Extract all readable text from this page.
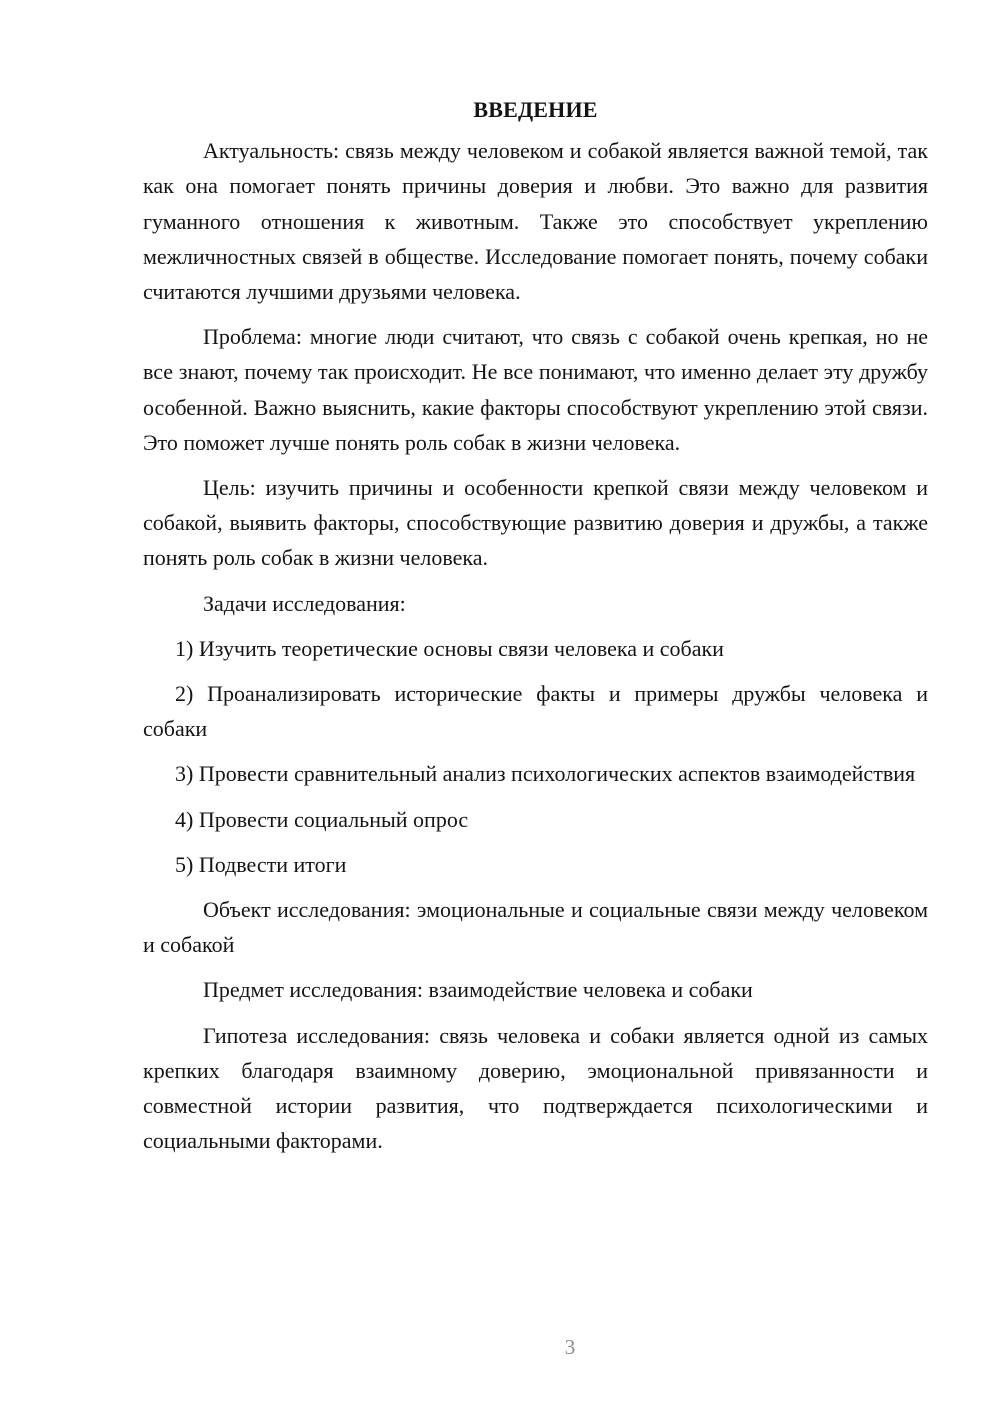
ВВЕДЕНИЕ

Актуальность: связь между человеком и собакой является важной темой, так как она помогает понять причины доверия и любви. Это важно для развития гуманного отношения к животным. Также это способствует укреплению межличностных связей в обществе. Исследование помогает понять, почему собаки считаются лучшими друзьями человека.

Проблема: многие люди считают, что связь с собакой очень крепкая, но не все знают, почему так происходит. Не все понимают, что именно делает эту дружбу особенной. Важно выяснить, какие факторы способствуют укреплению этой связи. Это поможет лучше понять роль собак в жизни человека.

Цель: изучить причины и особенности крепкой связи между человеком и собакой, выявить факторы, способствующие развитию доверия и дружбы, а также понять роль собак в жизни человека.

Задачи исследования:

1) Изучить теоретические основы связи человека и собаки

2) Проанализировать исторические факты и примеры дружбы человека и собаки

3) Провести сравнительный анализ психологических аспектов взаимодействия

4) Провести социальный опрос

5) Подвести итоги

Объект исследования: эмоциональные и социальные связи между человеком и собакой

Предмет исследования: взаимодействие человека и собаки

Гипотеза исследования: связь человека и собаки является одной из самых крепких благодаря взаимному доверию, эмоциональной привязанности и совместной истории развития, что подтверждается психологическими и социальными факторами.

3
